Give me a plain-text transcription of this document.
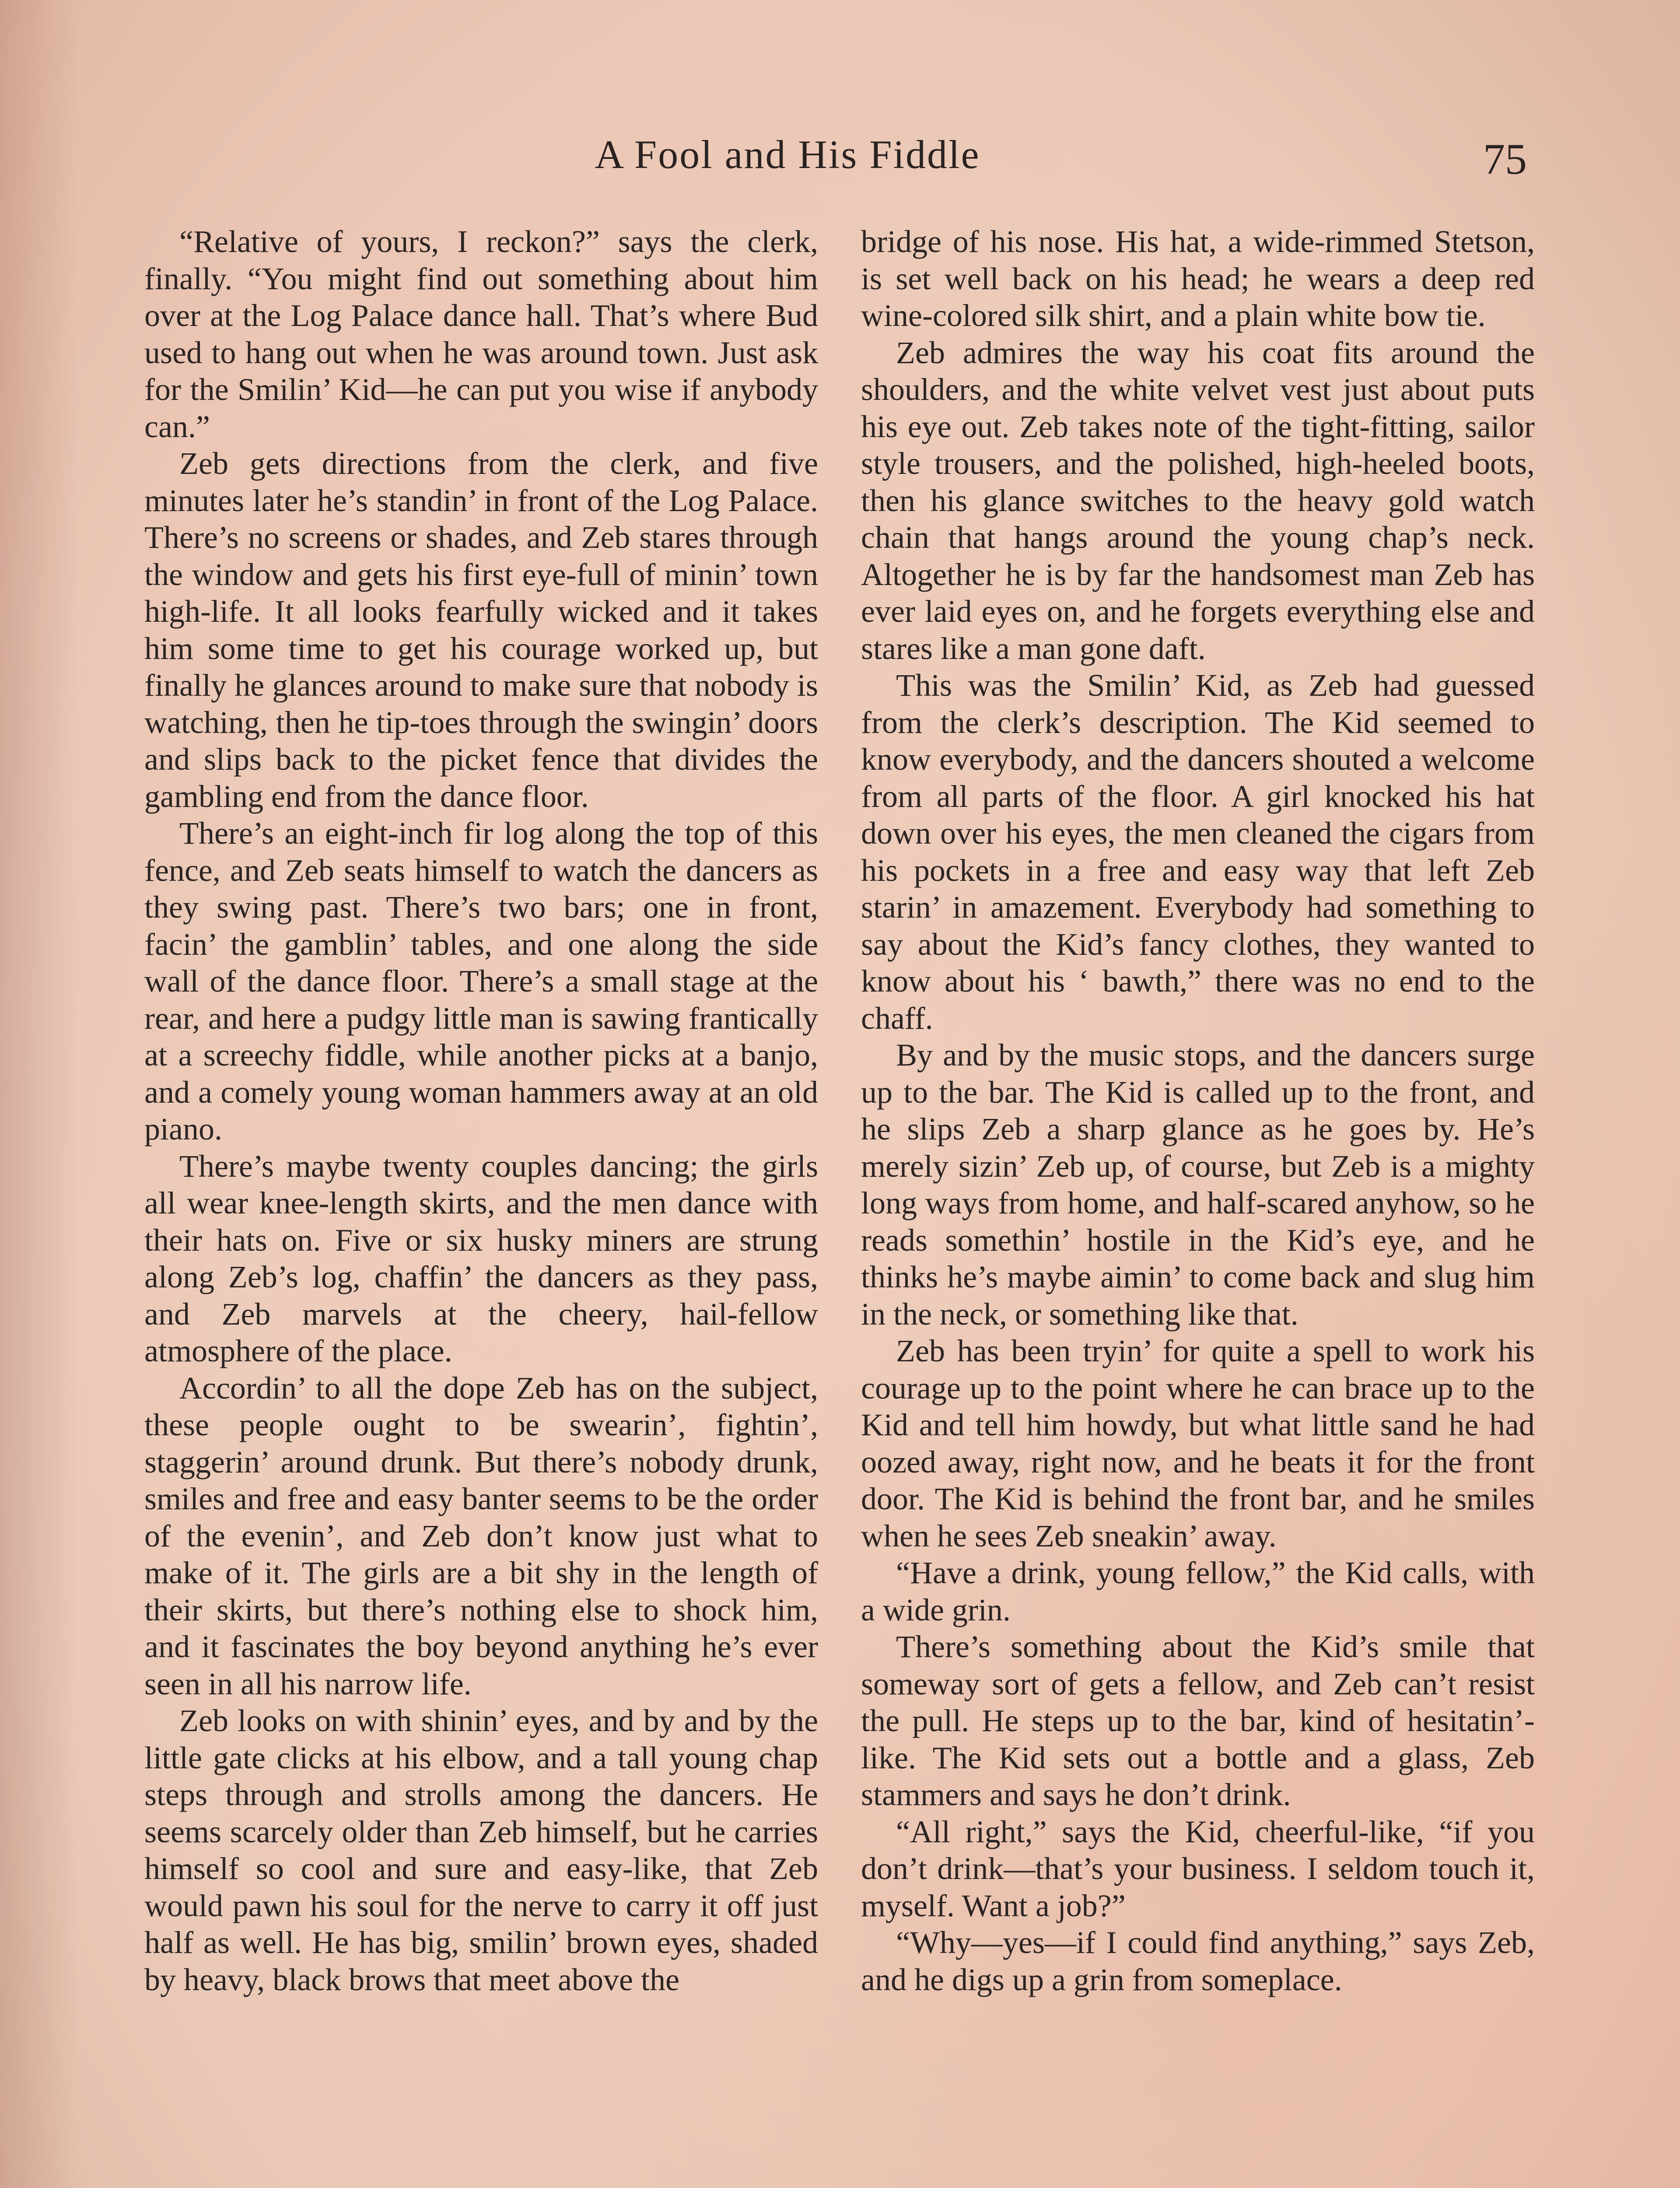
A Fool and His Fiddle	75

“Relative of yours, I reckon?” says the clerk, finally. “You might find out something about him over at the Log Palace dance hall. That’s where Bud used to hang out when he was around town. Just ask for the Smilin’ Kid—he can put you wise if anybody can.”

Zeb gets directions from the clerk, and five minutes later he’s standin’ in front of the Log Palace. There’s no screens or shades, and Zeb stares through the window and gets his first eye-full of minin’ town high-life. It all looks fearfully wicked and it takes him some time to get his courage worked up, but finally he glances around to make sure that nobody is watching, then he tip-toes through the swingin’ doors and slips back to the picket fence that divides the gambling end from the dance floor.

There’s an eight-inch fir log along the top of this fence, and Zeb seats himself to watch the dancers as they swing past. There’s two bars; one in front, facin’ the gamblin’ tables, and one along the side wall of the dance floor. There’s a small stage at the rear, and here a pudgy little man is sawing frantically at a screechy fiddle, while another picks at a banjo, and a comely young woman hammers away at an old piano.

There’s maybe twenty couples dancing; the girls all wear knee-length skirts, and the men dance with their hats on. Five or six husky miners are strung along Zeb’s log, chaffin’ the dancers as they pass, and Zeb marvels at the cheery, hail-fellow atmosphere of the place.

Accordin’ to all the dope Zeb has on the subject, these people ought to be swearin’, fightin’, staggerin’ around drunk. But there’s nobody drunk, smiles and free and easy banter seems to be the order of the evenin’, and Zeb don’t know just what to make of it. The girls are a bit shy in the length of their skirts, but there’s nothing else to shock him, and it fascinates the boy beyond anything he’s ever seen in all his narrow life.

Zeb looks on with shinin’ eyes, and by and by the little gate clicks at his elbow, and a tall young chap steps through and strolls among the dancers. He seems scarcely older than Zeb himself, but he carries himself so cool and sure and easy-like, that Zeb would pawn his soul for the nerve to carry it off just half as well. He has big, smilin’ brown eyes, shaded by heavy, black brows that meet above the

bridge of his nose. His hat, a wide-rimmed Stetson, is set well back on his head; he wears a deep red wine-colored silk shirt, and a plain white bow tie.

Zeb admires the way his coat fits around the shoulders, and the white velvet vest just about puts his eye out. Zeb takes note of the tight-fitting, sailor style trousers, and the polished, high-heeled boots, then his glance switches to the heavy gold watch chain that hangs around the young chap’s neck. Altogether he is by far the handsomest man Zeb has ever laid eyes on, and he forgets everything else and stares like a man gone daft.

This was the Smilin’ Kid, as Zeb had guessed from the clerk’s description. The Kid seemed to know everybody, and the dancers shouted a welcome from all parts of the floor. A girl knocked his hat down over his eyes, the men cleaned the cigars from his pockets in a free and easy way that left Zeb starin’ in amazement. Everybody had something to say about the Kid’s fancy clothes, they wanted to know about his ‘ bawth,” there was no end to the chaff.

By and by the music stops, and the dancers surge up to the bar. The Kid is called up to the front, and he slips Zeb a sharp glance as he goes by. He’s merely sizin’ Zeb up, of course, but Zeb is a mighty long ways from home, and half-scared anyhow, so he reads somethin’ hostile in the Kid’s eye, and he thinks he’s maybe aimin’ to come back and slug him in the neck, or something like that.

Zeb has been tryin’ for quite a spell to work his courage up to the point where he can brace up to the Kid and tell him howdy, but what little sand he had oozed away, right now, and he beats it for the front door. The Kid is behind the front bar, and he smiles when he sees Zeb sneakin’ away.

“Have a drink, young fellow,” the Kid calls, with a wide grin.

There’s something about the Kid’s smile that someway sort of gets a fellow, and Zeb can’t resist the pull. He steps up to the bar, kind of hesitatin’-like. The Kid sets out a bottle and a glass, Zeb stammers and says he don’t drink.

“All right,” says the Kid, cheerful-like, “if you don’t drink—that’s your business. I seldom touch it, myself. Want a job?”

“Why—yes—if I could find anything,” says Zeb, and he digs up a grin from someplace.
